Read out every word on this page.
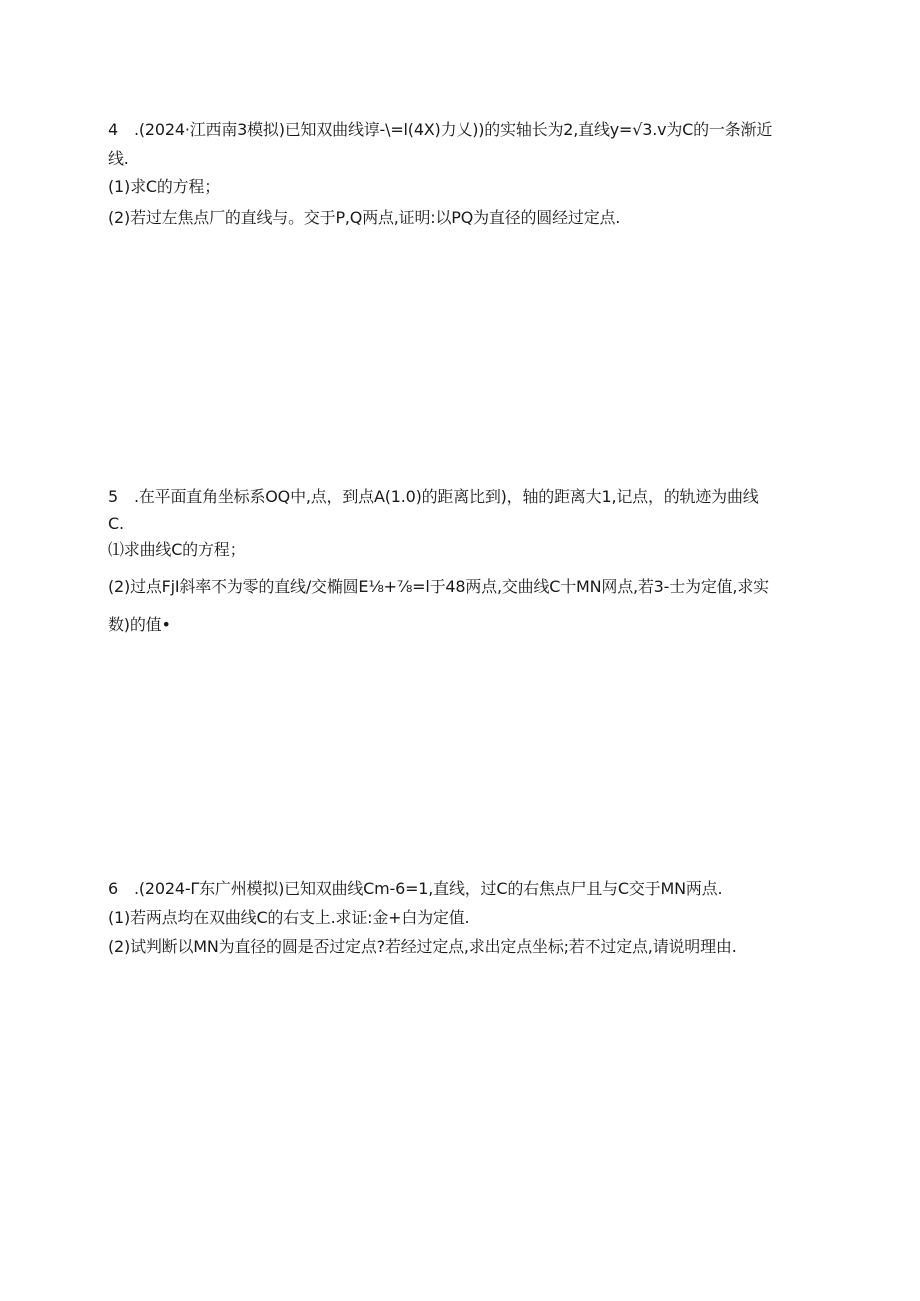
4 .(2024·江西南3模拟)已知双曲线谆-\=l(4X)力乂))的实轴长为2,直线y=√3.v为C的一条渐近
线.
(1)求C的方程；
(2)若过左焦点厂的直线与。交于P,Q两点,证明:以PQ为直径的圆经过定点.
5 .在平面直角坐标系OQ中,点，到点A(1.0)的距离比到)，轴的距离大1,记点，的轨迹为曲线
C.
⑴求曲线C的方程；
(2)过点FjI斜率不为零的直线/交椭圆E⅛+⅞=l于48两点,交曲线C十MN网点,若3-士为定值,求实
数)的值•
6 .(2024-Γ东广州模拟)已知双曲线Cm-6=1,直线，过C的右焦点尸且与C交于MN两点.
(1)若两点均在双曲线C的右支上.求证:金+白为定值.
(2)试判断以MN为直径的圆是否过定点?若经过定点,求出定点坐标;若不过定点,请说明理由.
